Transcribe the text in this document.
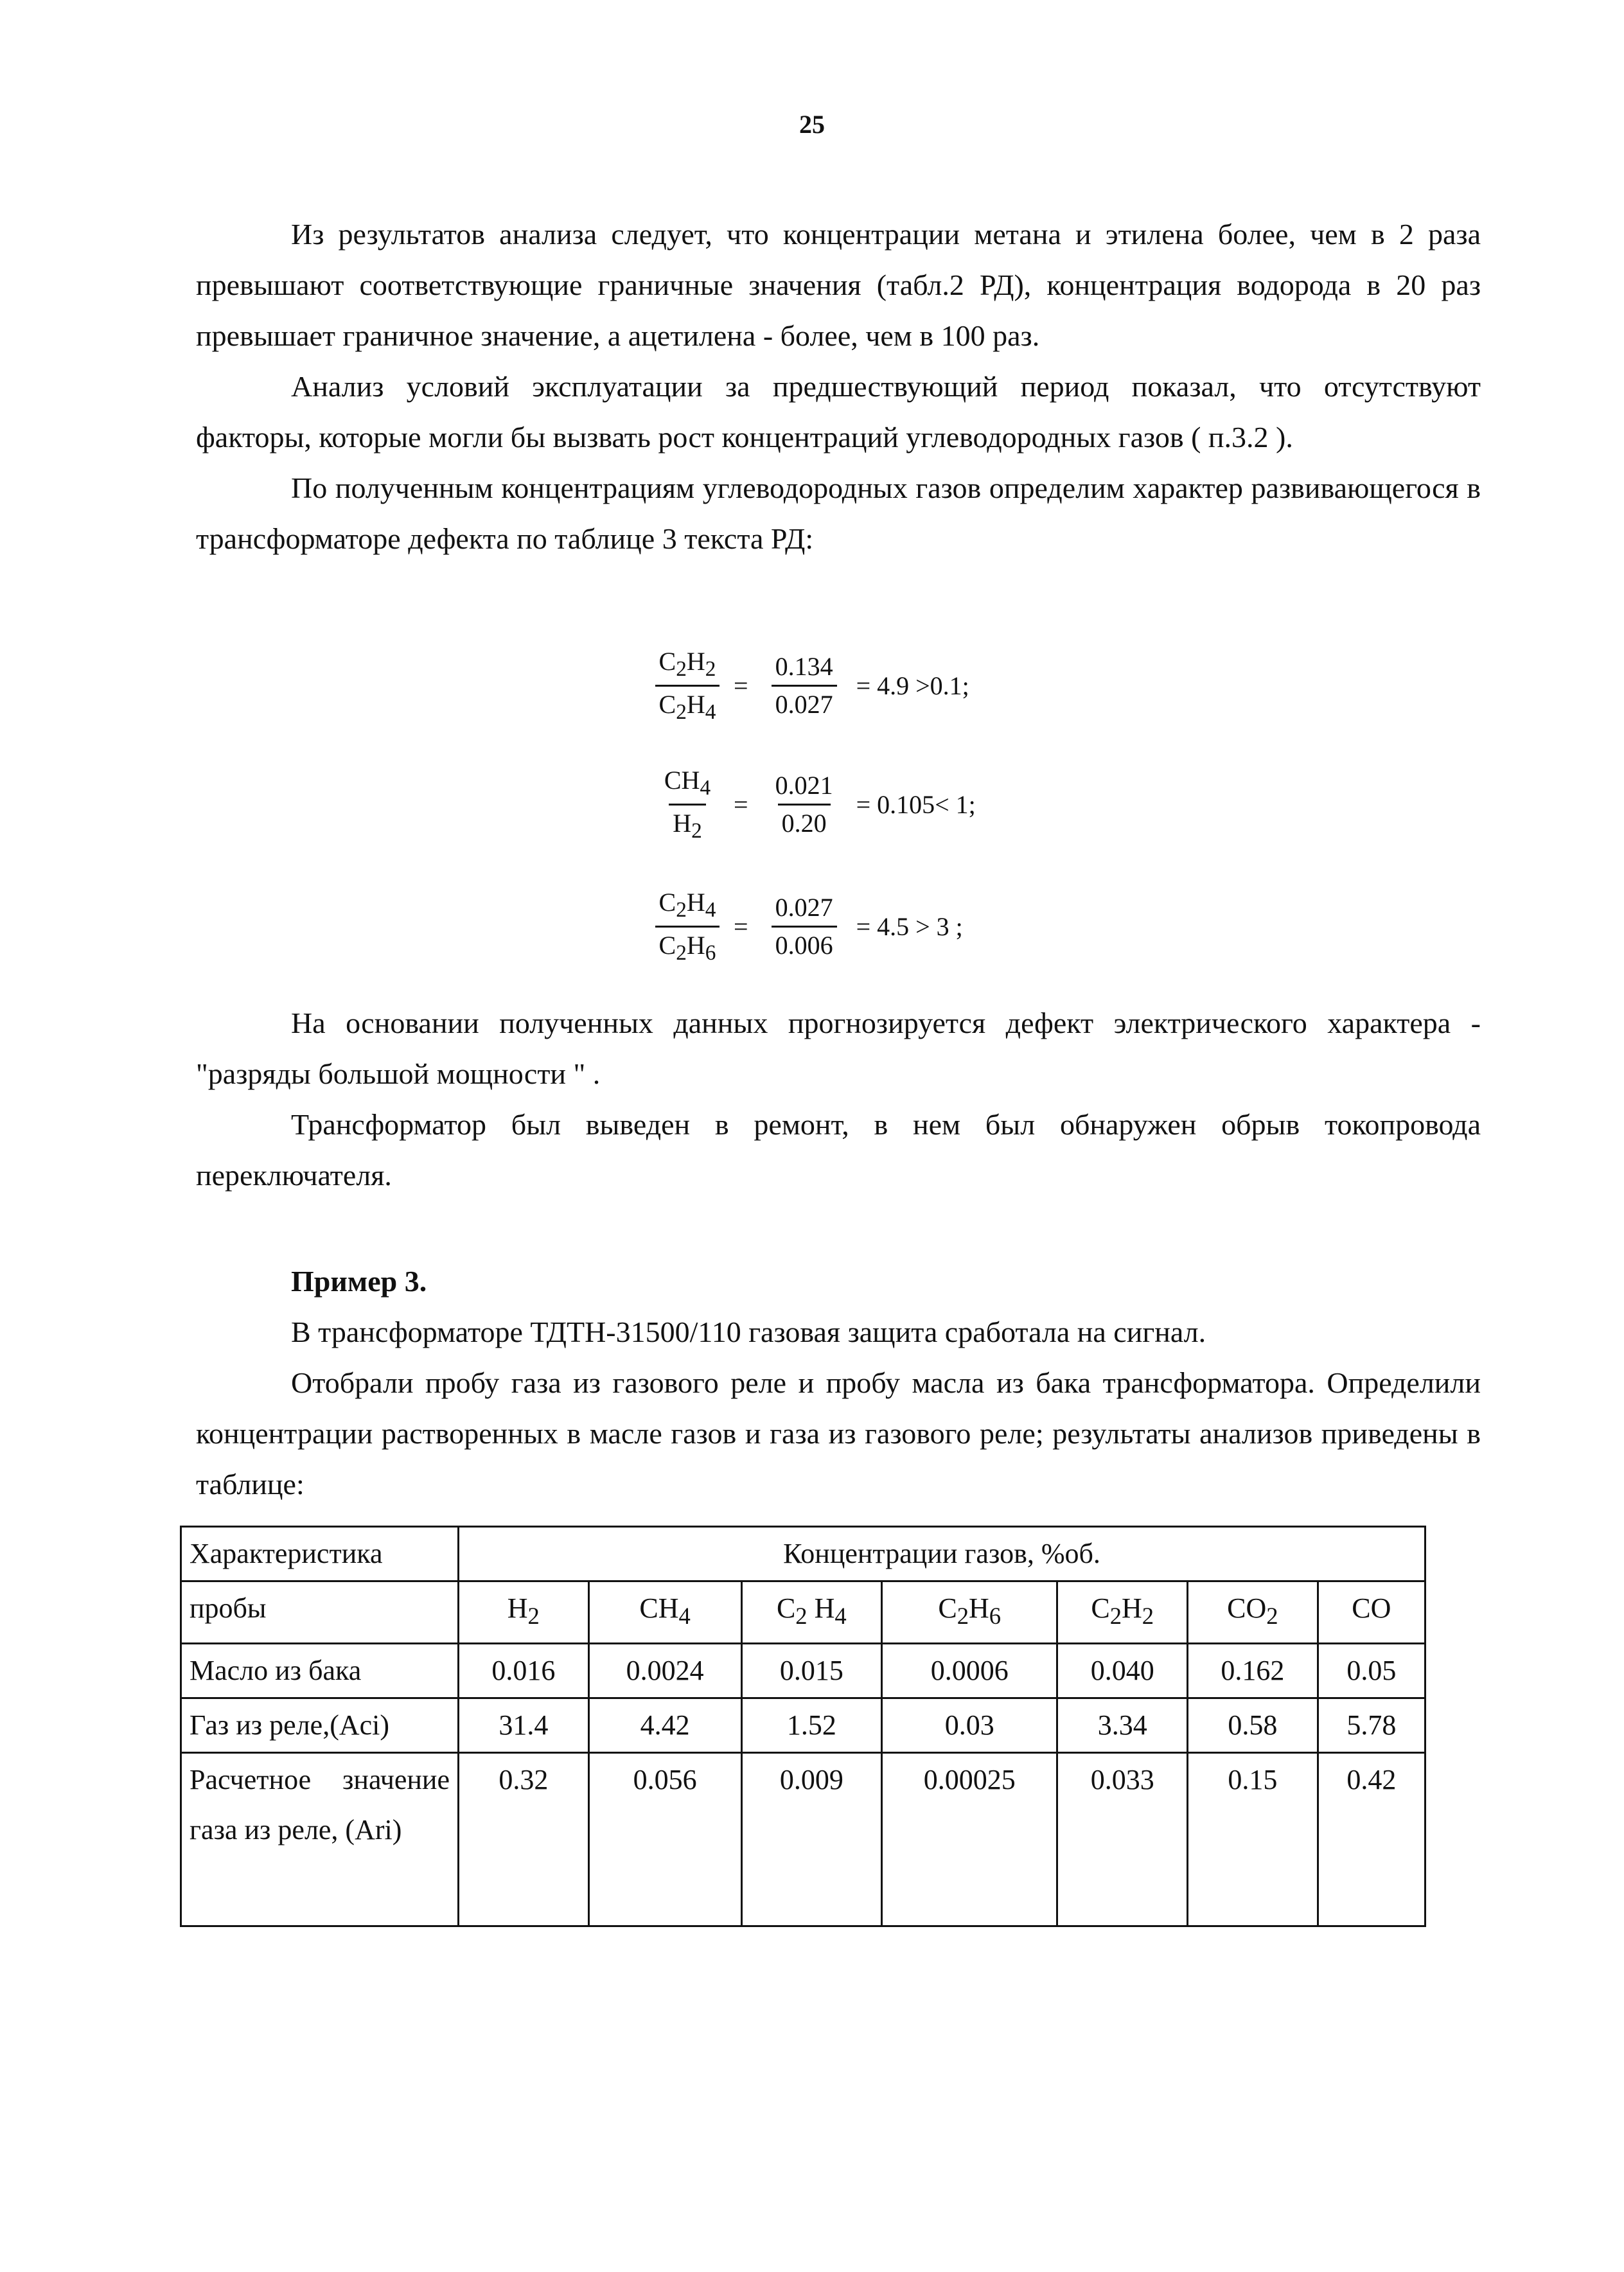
25

Из результатов анализа следует, что концентрации метана и этилена более, чем в 2 раза превышают соответствующие граничные значения (табл.2 РД), концентрация водорода в 20 раз превышает граничное значение, а ацетилена - более, чем в 100 раз.

Анализ условий эксплуатации за предшествующий период показал, что отсутствуют факторы, которые могли бы вызвать рост концентраций углеводородных газов ( п.3.2 ).

По полученным концентрациям углеводородных газов определим характер развивающегося в трансформаторе дефекта по таблице 3 текста РД:

$\frac{C_2H_2}{C_2H_4} = \frac{0.134}{0.027} = 4.9 >0.1$;
$\frac{CH_4}{H_2} = \frac{0.021}{0.20} = 0.105< 1$;
$\frac{C_2H_4}{C_2H_6} = \frac{0.027}{0.006} = 4.5 > 3$ ;

На основании полученных данных прогнозируется дефект электрического характера - "разряды большой мощности " .

Трансформатор был выведен в ремонт, в нем был обнаружен обрыв токопровода переключателя.

Пример 3.

В трансформаторе ТДТН-31500/110 газовая защита сработала на сигнал.

Отобрали пробу газа из газового реле и пробу масла из бака трансформатора. Определили концентрации растворенных в масле газов и газа из газового реле; результаты анализов приведены в таблице:

Характеристика	Концентрации газов, %об.						
пробы	$H_2$	$CH_4$	$C_2$ $H_4$	$C_2H_6$	$C_2H_2$	$CO_2$	CO
Масло из бака	0.016	0.0024	0.015	0.0006	0.040	0.162	0.05
Газ из реле,(Aci)	31.4	4.42	1.52	0.03	3.34	0.58	5.78
Расчетное значение газа из реле, (Ari)	0.32	0.056	0.009	0.00025	0.033	0.15	0.42
